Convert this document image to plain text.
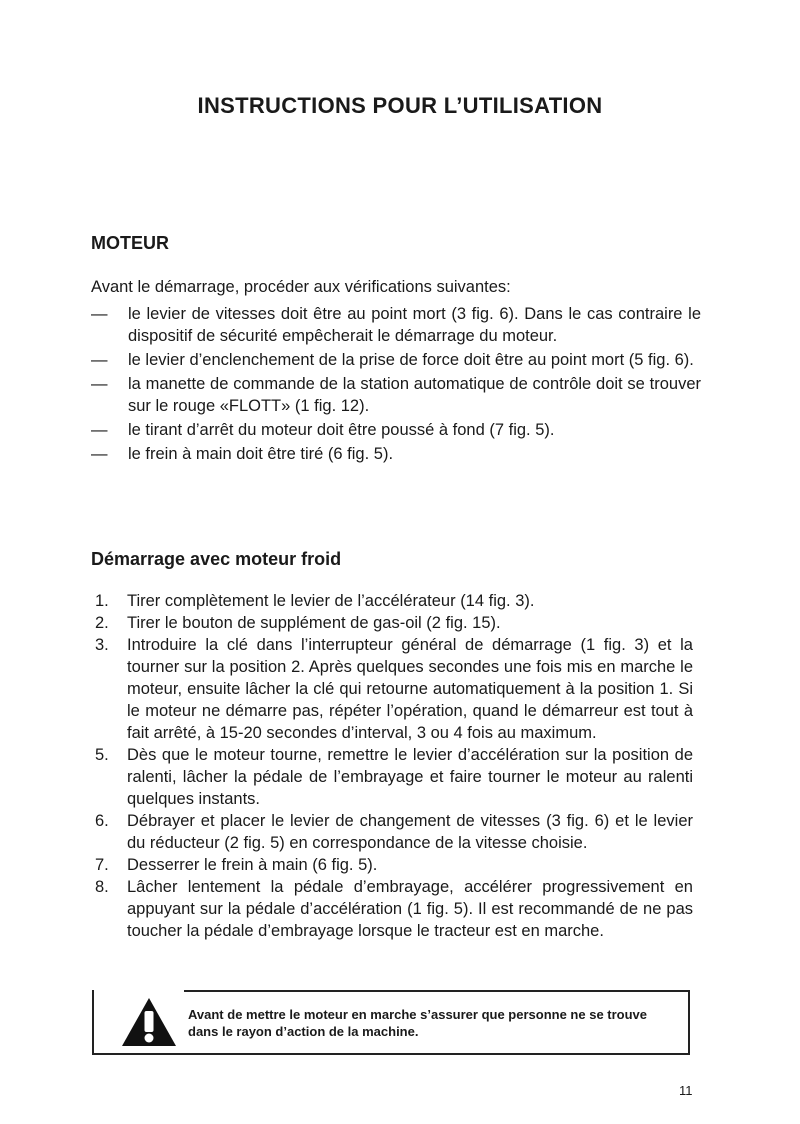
INSTRUCTIONS POUR L’UTILISATION
MOTEUR

Avant le démarrage, procéder aux vérifications suivantes:

—	le levier de vitesses doit être au point mort (3 fig. 6). Dans le cas contraire le dispositif de sécurité empêcherait le démarrage du moteur.
—	le levier d’enclenchement de la prise de force doit être au point mort (5 fig. 6).
—	la manette de commande de la station automatique de contrôle doit se trouver sur le rouge «FLOTT» (1 fig. 12).
—	le tirant d’arrêt du moteur doit être poussé à fond (7 fig. 5).
—	le frein à main doit être tiré (6 fig. 5).
Démarrage avec moteur froid
1.	Tirer complètement le levier de l’accélérateur (14 fig. 3).
2.	Tirer le bouton de supplément de gas-oil (2 fig. 15).
3.	Introduire la clé dans l’interrupteur général de démarrage (1 fig. 3) et la tourner sur la position 2. Après quelques secondes une fois mis en marche le moteur, ensuite lâcher la clé qui retourne automatiquement à la position 1. Si le moteur ne démarre pas, répéter l’opération, quand le démarreur est tout à fait arrêté, à 15-20 secondes d’interval, 3 ou 4 fois au maximum.
5.	Dès que le moteur tourne, remettre le levier d’accélération sur la position de ralenti, lâcher la pédale de l’embrayage et faire tourner le moteur au ralenti quelques instants.
6.	Débrayer et placer le levier de changement de vitesses (3 fig. 6) et le levier du réducteur (2 fig. 5) en correspondance de la vitesse choisie.
7.	Desserrer le frein à main (6 fig. 5).
8.	Lâcher lentement la pédale d’embrayage, accélérer progressivement en appuyant sur la pédale d’accélération (1 fig. 5). Il est recommandé de ne pas toucher la pédale d’embrayage lorsque le tracteur est en marche.

Avant de mettre le moteur en marche s’assurer que personne ne se trouve dans le rayon d’action de la machine.

11
